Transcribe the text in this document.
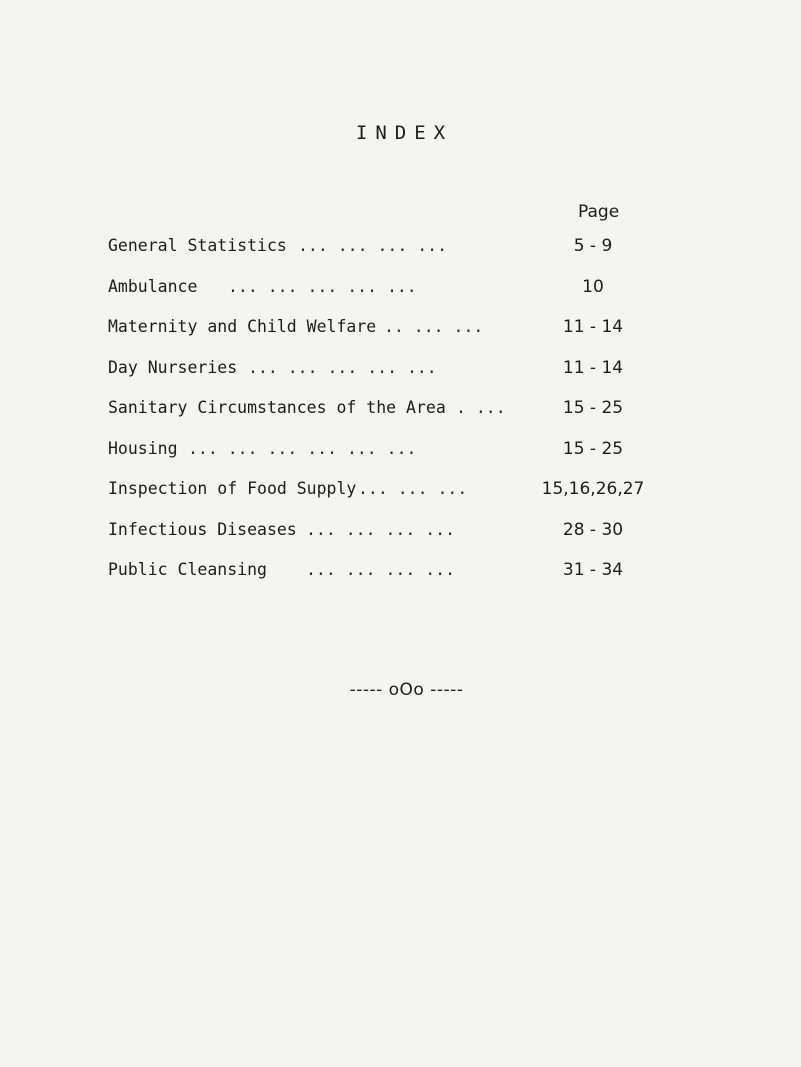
INDEX
Page
General Statistics ... ... ... ...	5 - 9
Ambulance ... ... ... ... ...	10
Maternity and Child Welfare .. ... ...	11 - 14
Day Nurseries ... ... ... ... ...	11 - 14
Sanitary Circumstances of the Area . ...	15 - 25
Housing ... ... ... ... ... ...	15 - 25
Inspection of Food Supply ... ... ...	15,16,26,27
Infectious Diseases ... ... ... ...	28 - 30
Public Cleansing ... ... ... ...	31 - 34
----- oOo -----
